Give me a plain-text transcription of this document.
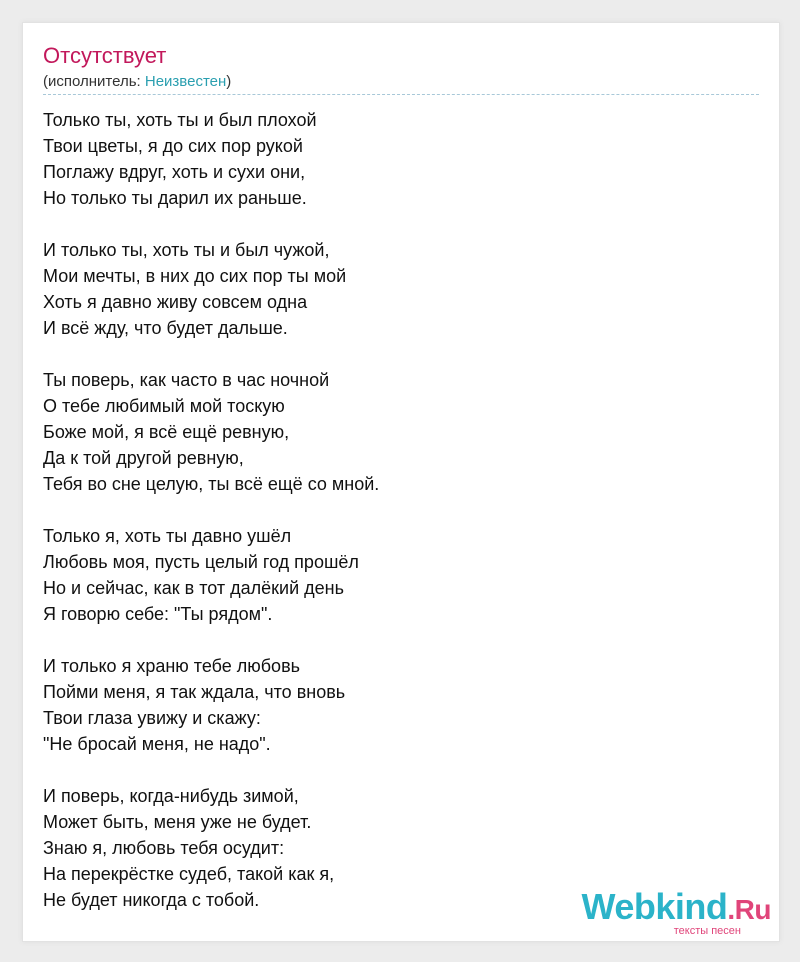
Отсутствует
(исполнитель: Неизвестен)
Только ты, хоть ты и был плохой
Твои цветы, я до сих пор рукой
Поглажу вдруг, хоть и сухи они,
Но только ты дарил их раньше.
И только ты, хоть ты и был чужой,
Мои мечты, в них до сих пор ты мой
Хоть я давно живу совсем одна
И всё жду, что будет дальше.
Ты поверь, как часто в час ночной
О тебе любимый мой тоскую
Боже мой, я всё ещё ревную,
Да к той другой ревную,
Тебя во сне целую, ты всё ещё со мной.
Только я, хоть ты давно ушёл
Любовь моя, пусть целый год прошёл
Но и сейчас, как в тот далёкий день
Я говорю себе: "Ты рядом".
И только я храню тебе любовь
Пойми меня, я так ждала, что вновь
Твои глаза увижу и скажу:
"Не бросай меня, не надо".
И поверь, когда-нибудь зимой,
Может быть, меня уже не будет.
Знаю я, любовь тебя осудит:
На перекрёстке судеб, такой как я,
Не будет никогда с тобой.	Webkind.Ru
тексты песен
